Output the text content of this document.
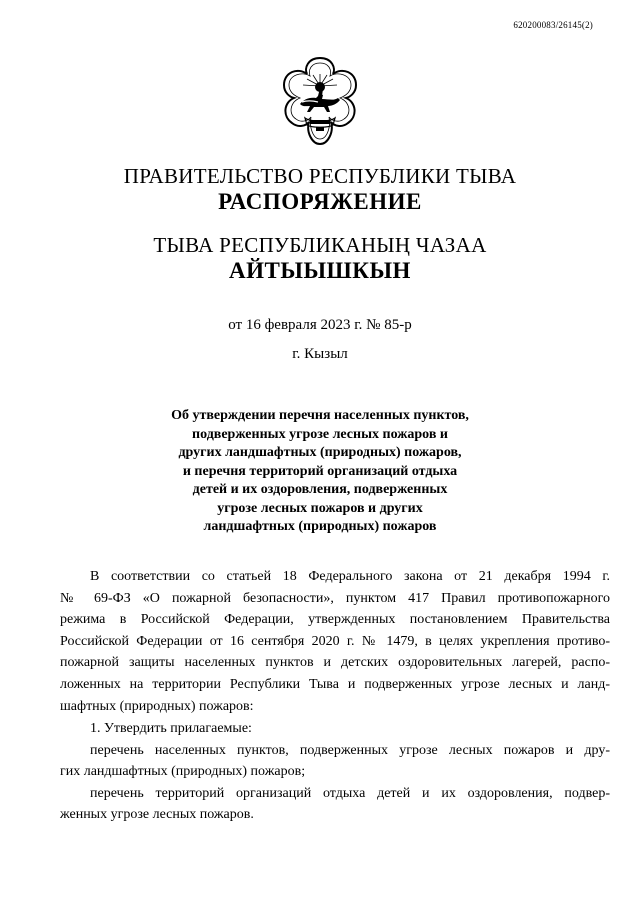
620200083/26145(2)
ПРАВИТЕЛЬСТВО РЕСПУБЛИКИ ТЫВА
РАСПОРЯЖЕНИЕ
ТЫВА РЕСПУБЛИКАНЫҢ ЧАЗАА
АЙТЫЫШКЫН
от 16 февраля 2023 г. № 85-р
г. Кызыл
Об утверждении перечня населенных пунктов,
подверженных угрозе лесных пожаров и
других ландшафтных (природных) пожаров,
и перечня территорий организаций отдыха
детей и их оздоровления, подверженных
угрозе лесных пожаров и других
ландшафтных (природных) пожаров
В соответствии со статьей 18 Федерального закона от 21 декабря 1994 г.
№ 69-ФЗ «О пожарной безопасности», пунктом 417 Правил противопожарного
режима в Российской Федерации, утвержденных постановлением Правительства
Российской Федерации от 16 сентября 2020 г. № 1479, в целях укрепления противо-
пожарной защиты населенных пунктов и детских оздоровительных лагерей, распо-
ложенных на территории Республики Тыва и подверженных угрозе лесных и ланд-
шафтных (природных) пожаров:
1. Утвердить прилагаемые:
перечень населенных пунктов, подверженных угрозе лесных пожаров и дру-
гих ландшафтных (природных) пожаров;
перечень территорий организаций отдыха детей и их оздоровления, подвер-
женных угрозе лесных пожаров.
